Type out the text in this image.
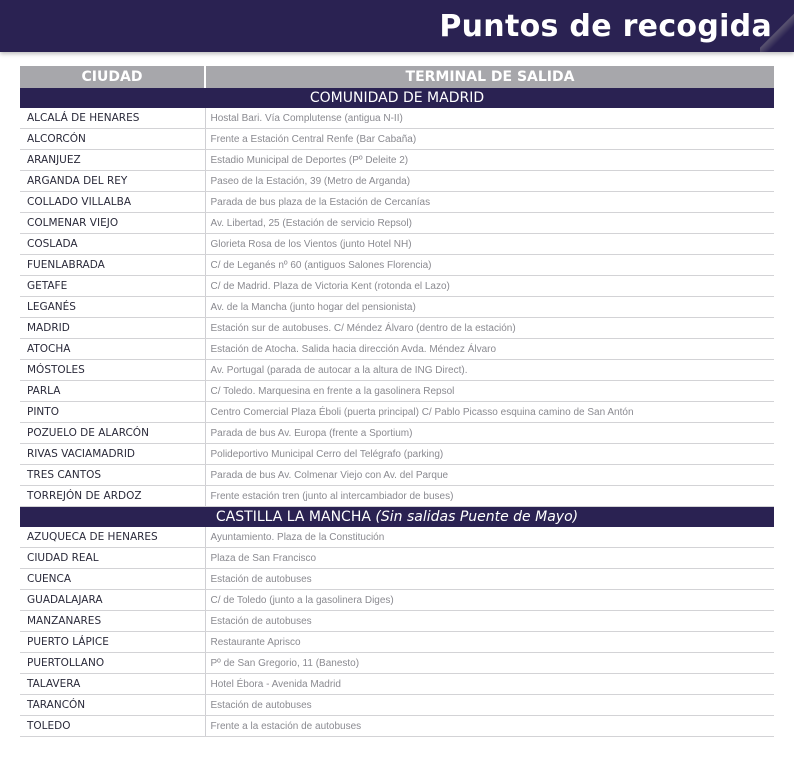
Puntos de recogida
CIUDAD	TERMINAL DE SALIDA
COMUNIDAD DE MADRID	
ALCALÁ DE HENARES	Hostal Bari. Vía Complutense (antigua N-II)
ALCORCÓN	Frente a Estación Central Renfe (Bar Cabaña)
ARANJUEZ	Estadio Municipal de Deportes (Pº Deleite 2)
ARGANDA DEL REY	Paseo de la Estación, 39 (Metro de Arganda)
COLLADO VILLALBA	Parada de bus plaza de la Estación de Cercanías
COLMENAR VIEJO	Av. Libertad, 25 (Estación de servicio Repsol)
COSLADA	Glorieta Rosa de los Vientos (junto Hotel NH)
FUENLABRADA	C/ de Leganés nº 60 (antiguos Salones Florencia)
GETAFE	C/ de Madrid. Plaza de Victoria Kent (rotonda el Lazo)
LEGANÉS	Av. de la Mancha (junto hogar del pensionista)
MADRID	Estación sur de autobuses. C/ Méndez Álvaro (dentro de la estación)
ATOCHA	Estación de Atocha. Salida hacia dirección Avda. Méndez Álvaro
MÓSTOLES	Av. Portugal (parada de autocar a la altura de ING Direct).
PARLA	C/ Toledo. Marquesina en frente a la gasolinera Repsol
PINTO	Centro Comercial Plaza Éboli (puerta principal) C/ Pablo Picasso esquina camino de San Antón
POZUELO DE ALARCÓN	Parada de bus Av. Europa (frente a Sportium)
RIVAS VACIAMADRID	Polideportivo Municipal Cerro del Telégrafo (parking)
TRES CANTOS	Parada de bus Av. Colmenar Viejo con Av. del Parque
TORREJÓN DE ARDOZ	Frente estación tren (junto al intercambiador de buses)
CASTILLA LA MANCHA (Sin salidas Puente de Mayo)	
AZUQUECA DE HENARES	Ayuntamiento. Plaza de la Constitución
CIUDAD REAL	Plaza de San Francisco
CUENCA	Estación de autobuses
GUADALAJARA	C/ de Toledo (junto a la gasolinera Diges)
MANZANARES	Estación de autobuses
PUERTO LÁPICE	Restaurante Aprisco
PUERTOLLANO	Pº de San Gregorio, 11 (Banesto)
TALAVERA	Hotel Ébora - Avenida Madrid
TARANCÓN	Estación de autobuses
TOLEDO	Frente a la estación de autobuses
